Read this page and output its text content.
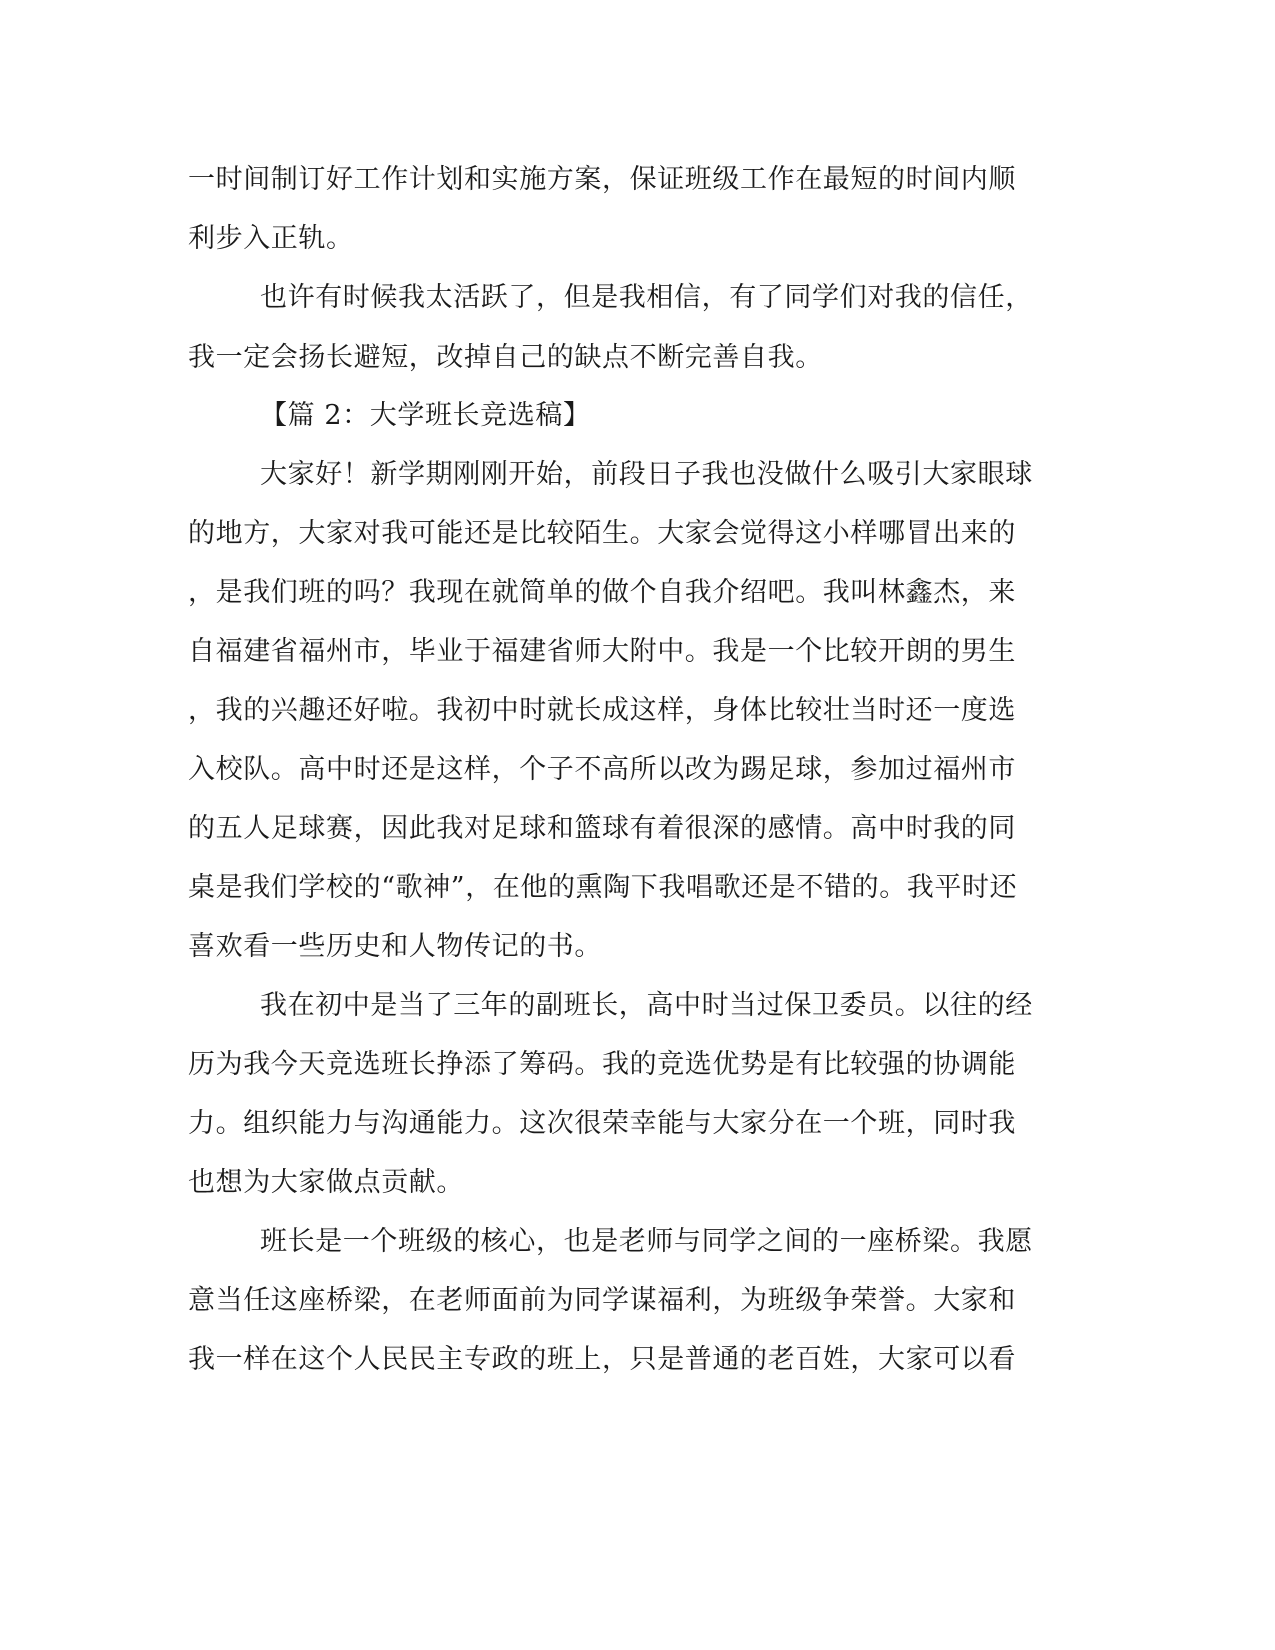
一时间制订好工作计划和实施方案，保证班级工作在最短的时间内顺
利步入正轨。
也许有时候我太活跃了，但是我相信，有了同学们对我的信任，
我一定会扬长避短，改掉自己的缺点不断完善自我。
【篇 2：大学班长竞选稿】
大家好！新学期刚刚开始，前段日子我也没做什么吸引大家眼球
的地方，大家对我可能还是比较陌生。大家会觉得这小样哪冒出来的
，是我们班的吗？我现在就简单的做个自我介绍吧。我叫林鑫杰，来
自福建省福州市，毕业于福建省师大附中。我是一个比较开朗的男生
，我的兴趣还好啦。我初中时就长成这样，身体比较壮当时还一度选
入校队。高中时还是这样，个子不高所以改为踢足球，参加过福州市
的五人足球赛，因此我对足球和篮球有着很深的感情。高中时我的同
桌是我们学校的“歌神”，在他的熏陶下我唱歌还是不错的。我平时还
喜欢看一些历史和人物传记的书。
我在初中是当了三年的副班长，高中时当过保卫委员。以往的经
历为我今天竞选班长挣添了筹码。我的竞选优势是有比较强的协调能
力。组织能力与沟通能力。这次很荣幸能与大家分在一个班，同时我
也想为大家做点贡献。
班长是一个班级的核心，也是老师与同学之间的一座桥梁。我愿
意当任这座桥梁，在老师面前为同学谋福利，为班级争荣誉。大家和
我一样在这个人民民主专政的班上，只是普通的老百姓，大家可以看
